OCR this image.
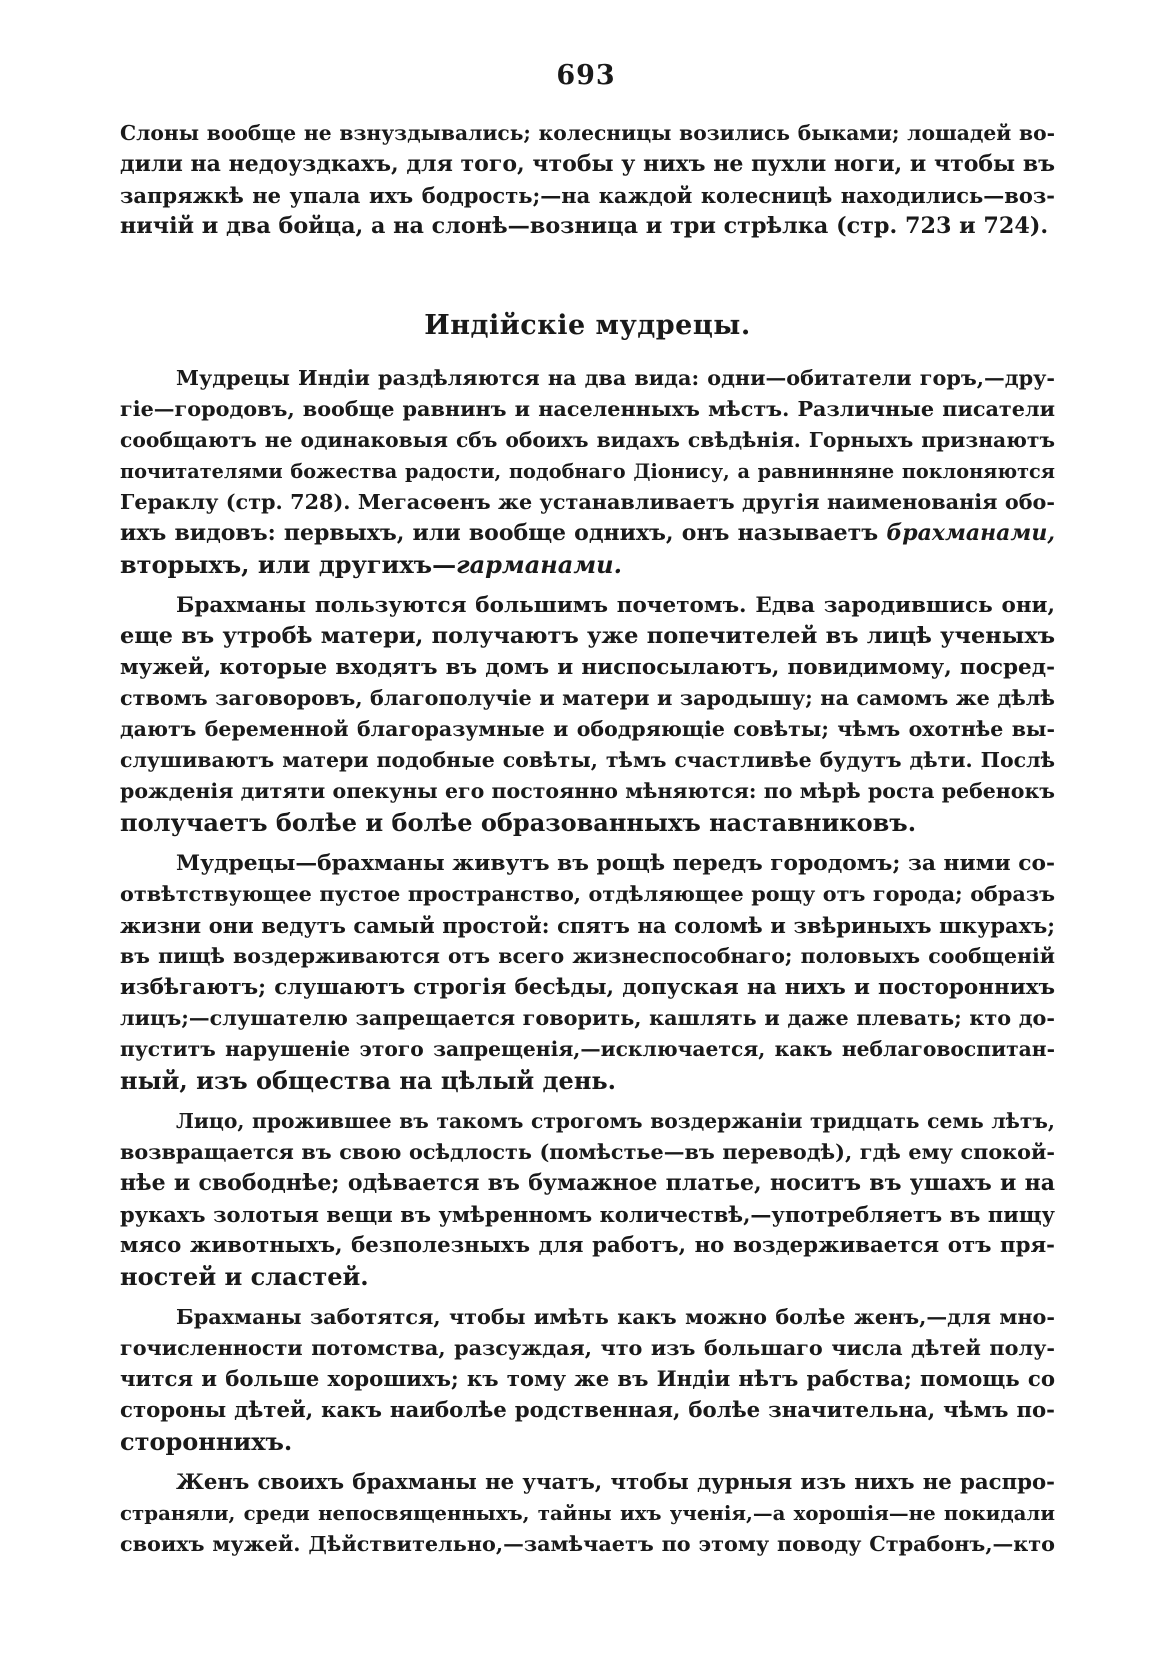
693

Слоны вообще не взнуздывались; колесницы возились быками; лошадей во-
дили на недоуздкахъ, для того, чтобы у нихъ не пухли ноги, и чтобы въ
запряжкѣ не упала ихъ бодрость;—на каждой колесницѣ находились—воз-
ничій и два бойца, а на слонѣ—возница и три стрѣлка (стр. 723 и 724).

Индійскіе мудрецы.

Мудрецы Индіи раздѣляются на два вида: одни—обитатели горъ,—дру-
гіе—городовъ, вообще равнинъ и населенныхъ мѣстъ. Различные писатели
сообщаютъ не одинаковыя сбъ обоихъ видахъ свѣдѣнія. Горныхъ признаютъ
почитателями божества радости, подобнаго Діонису, а равнинняне поклоняются
Гераклу (стр. 728). Мегасѳенъ же устанавливаетъ другія наименованія обо-
ихъ видовъ: первыхъ, или вообще однихъ, онъ называетъ брахманами,
вторыхъ, или другихъ—гарманами.

Брахманы пользуются большимъ почетомъ. Едва зародившись они,
еще въ утробѣ матери, получаютъ уже попечителей въ лицѣ ученыхъ
мужей, которые входятъ въ домъ и ниспосылаютъ, повидимому, посред-
ствомъ заговоровъ, благополучіе и матери и зародышу; на самомъ же дѣлѣ
даютъ беременной благоразумные и ободряющіе совѣты; чѣмъ охотнѣе вы-
слушиваютъ матери подобные совѣты, тѣмъ счастливѣе будутъ дѣти. Послѣ
рожденія дитяти опекуны его постоянно мѣняются: по мѣрѣ роста ребенокъ
получаетъ болѣе и болѣе образованныхъ наставниковъ.

Мудрецы—брахманы живутъ въ рощѣ передъ городомъ; за ними со-
отвѣтствующее пустое пространство, отдѣляющее рощу отъ города; образъ
жизни они ведутъ самый простой: спятъ на соломѣ и звѣриныхъ шкурахъ;
въ пищѣ воздерживаются отъ всего жизнеспособнаго; половыхъ сообщеній
избѣгаютъ; слушаютъ строгія бесѣды, допуская на нихъ и постороннихъ
лицъ;—слушателю запрещается говорить, кашлять и даже плевать; кто до-
пуститъ нарушеніе этого запрещенія,—исключается, какъ неблаговоспитан-
ный, изъ общества на цѣлый день.

Лицо, прожившее въ такомъ строгомъ воздержаніи тридцать семь лѣтъ,
возвращается въ свою осѣдлость (помѣстье—въ переводѣ), гдѣ ему спокой-
нѣе и свободнѣе; одѣвается въ бумажное платье, носитъ въ ушахъ и на
рукахъ золотыя вещи въ умѣренномъ количествѣ,—употребляетъ въ пищу
мясо животныхъ, безполезныхъ для работъ, но воздерживается отъ пря-
ностей и сластей.

Брахманы заботятся, чтобы имѣть какъ можно болѣе женъ,—для мно-
гочисленности потомства, разсуждая, что изъ большаго числа дѣтей полу-
чится и больше хорошихъ; къ тому же въ Индіи нѣтъ рабства; помощь со
стороны дѣтей, какъ наиболѣе родственная, болѣе значительна, чѣмъ по-
стороннихъ.

Женъ своихъ брахманы не учатъ, чтобы дурныя изъ нихъ не распро-
страняли, среди непосвященныхъ, тайны ихъ ученія,—а хорошія—не покидали
своихъ мужей. Дѣйствительно,—замѣчаетъ по этому поводу Страбонъ,—кто
